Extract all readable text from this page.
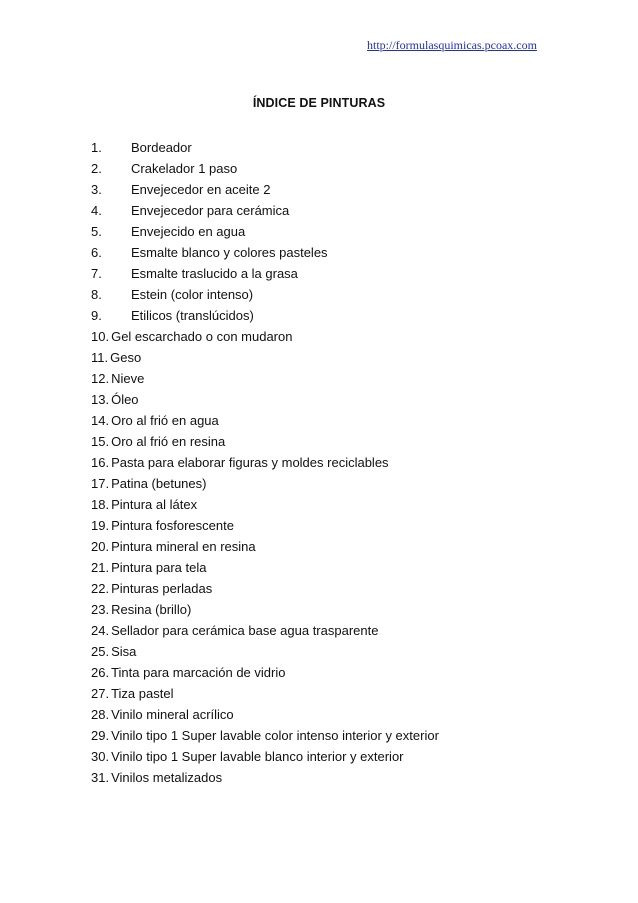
http://formulasquimicas.pcoax.com
ÍNDICE DE PINTURAS
1.	Bordeador
2.	Crakelador 1 paso
3.	Envejecedor en aceite 2
4.	Envejecedor para cerámica
5.	Envejecido en agua
6.	Esmalte blanco y colores pasteles
7.	Esmalte traslucido a la grasa
8.	Estein (color intenso)
9.	Etilicos (translúcidos)
10. Gel escarchado o con mudaron
11. Geso
12. Nieve
13. Óleo
14. Oro al frió en agua
15. Oro al frió en resina
16. Pasta para elaborar figuras y moldes reciclables
17. Patina (betunes)
18. Pintura al látex
19. Pintura fosforescente
20. Pintura mineral en resina
21. Pintura para tela
22. Pinturas perladas
23. Resina (brillo)
24. Sellador para cerámica base agua trasparente
25. Sisa
26. Tinta para marcación de vidrio
27. Tiza pastel
28. Vinilo mineral acrílico
29. Vinilo tipo 1 Super lavable color intenso interior y exterior
30. Vinilo tipo 1 Super lavable blanco interior y exterior
31. Vinilos metalizados
